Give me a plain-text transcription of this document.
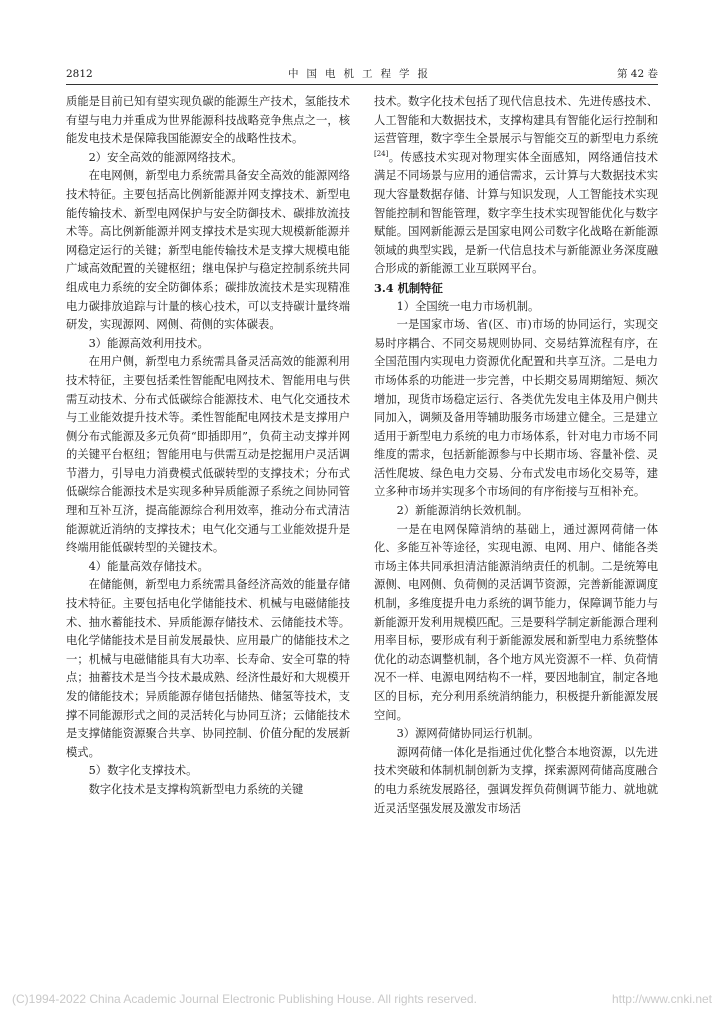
2812	中国电机工程学报	第 42 卷

质能是目前已知有望实现负碳的能源生产技术，氢能技术有望与电力并重成为世界能源科技战略竞争焦点之一，核能发电技术是保障我国能源安全的战略性技术。

2）安全高效的能源网络技术。

在电网侧，新型电力系统需具备安全高效的能源网络技术特征。主要包括高比例新能源并网支撑技术、新型电能传输技术、新型电网保护与安全防御技术、碳排放流技术等。高比例新能源并网支撑技术是实现大规模新能源并网稳定运行的关键；新型电能传输技术是支撑大规模电能广域高效配置的关键枢纽；继电保护与稳定控制系统共同组成电力系统的安全防御体系；碳排放流技术是实现精准电力碳排放追踪与计量的核心技术，可以支持碳计量终端研发，实现源网、网侧、荷侧的实体碳表。

3）能源高效利用技术。

在用户侧，新型电力系统需具备灵活高效的能源利用技术特征，主要包括柔性智能配电网技术、智能用电与供需互动技术、分布式低碳综合能源技术、电气化交通技术与工业能效提升技术等。柔性智能配电网技术是支撑用户侧分布式能源及多元负荷“即插即用”，负荷主动支撑并网的关键平台枢纽；智能用电与供需互动是挖掘用户灵活调节潜力，引导电力消费模式低碳转型的支撑技术；分布式低碳综合能源技术是实现多种异质能源子系统之间协同管理和互补互济，提高能源综合利用效率，推动分布式清洁能源就近消纳的支撑技术；电气化交通与工业能效提升是终端用能低碳转型的关键技术。

4）能量高效存储技术。

在储能侧，新型电力系统需具备经济高效的能量存储技术特征。主要包括电化学储能技术、机械与电磁储能技术、抽水蓄能技术、异质能源存储技术、云储能技术等。电化学储能技术是目前发展最快、应用最广的储能技术之一；机械与电磁储能具有大功率、长寿命、安全可靠的特点；抽蓄技术是当今技术最成熟、经济性最好和大规模开发的储能技术；异质能源存储包括储热、储氢等技术，支撑不同能源形式之间的灵活转化与协同互济；云储能技术是支撑储能资源聚合共享、协同控制、价值分配的发展新模式。

5）数字化支撑技术。

数字化技术是支撑构筑新型电力系统的关键

技术。数字化技术包括了现代信息技术、先进传感技术、人工智能和大数据技术，支撑构建具有智能化运行控制和运营管理，数字孪生全景展示与智能交互的新型电力系统[24]。传感技术实现对物理实体全面感知，网络通信技术满足不同场景与应用的通信需求，云计算与大数据技术实现大容量数据存储、计算与知识发现，人工智能技术实现智能控制和智能管理，数字孪生技术实现智能优化与数字赋能。国网新能源云是国家电网公司数字化战略在新能源领域的典型实践，是新一代信息技术与新能源业务深度融合形成的新能源工业互联网平台。

3.4 机制特征

1）全国统一电力市场机制。

一是国家市场、省(区、市)市场的协同运行，实现交易时序耦合、不同交易规则协同、交易结算流程有序，在全国范围内实现电力资源优化配置和共享互济。二是电力市场体系的功能进一步完善，中长期交易周期缩短、频次增加，现货市场稳定运行、各类优先发电主体及用户侧共同加入，调频及备用等辅助服务市场建立健全。三是建立适用于新型电力系统的电力市场体系，针对电力市场不同维度的需求，包括新能源参与中长期市场、容量补偿、灵活性爬坡、绿色电力交易、分布式发电市场化交易等，建立多种市场并实现多个市场间的有序衔接与互相补充。

2）新能源消纳长效机制。

一是在电网保障消纳的基础上，通过源网荷储一体化、多能互补等途径，实现电源、电网、用户、储能各类市场主体共同承担清洁能源消纳责任的机制。二是统筹电源侧、电网侧、负荷侧的灵活调节资源，完善新能源调度机制，多维度提升电力系统的调节能力，保障调节能力与新能源开发利用规模匹配。三是要科学制定新能源合理利用率目标，要形成有利于新能源发展和新型电力系统整体优化的动态调整机制，各个地方风光资源不一样、负荷情况不一样、电源电网结构不一样，要因地制宜，制定各地区的目标，充分利用系统消纳能力，积极提升新能源发展空间。

3）源网荷储协同运行机制。

源网荷储一体化是指通过优化整合本地资源，以先进技术突破和体制机制创新为支撑，探索源网荷储高度融合的电力系统发展路径，强调发挥负荷侧调节能力、就地就近灵活坚强发展及激发市场活

(C)1994-2022 China Academic Journal Electronic Publishing House. All rights reserved.	http://www.cnki.net
